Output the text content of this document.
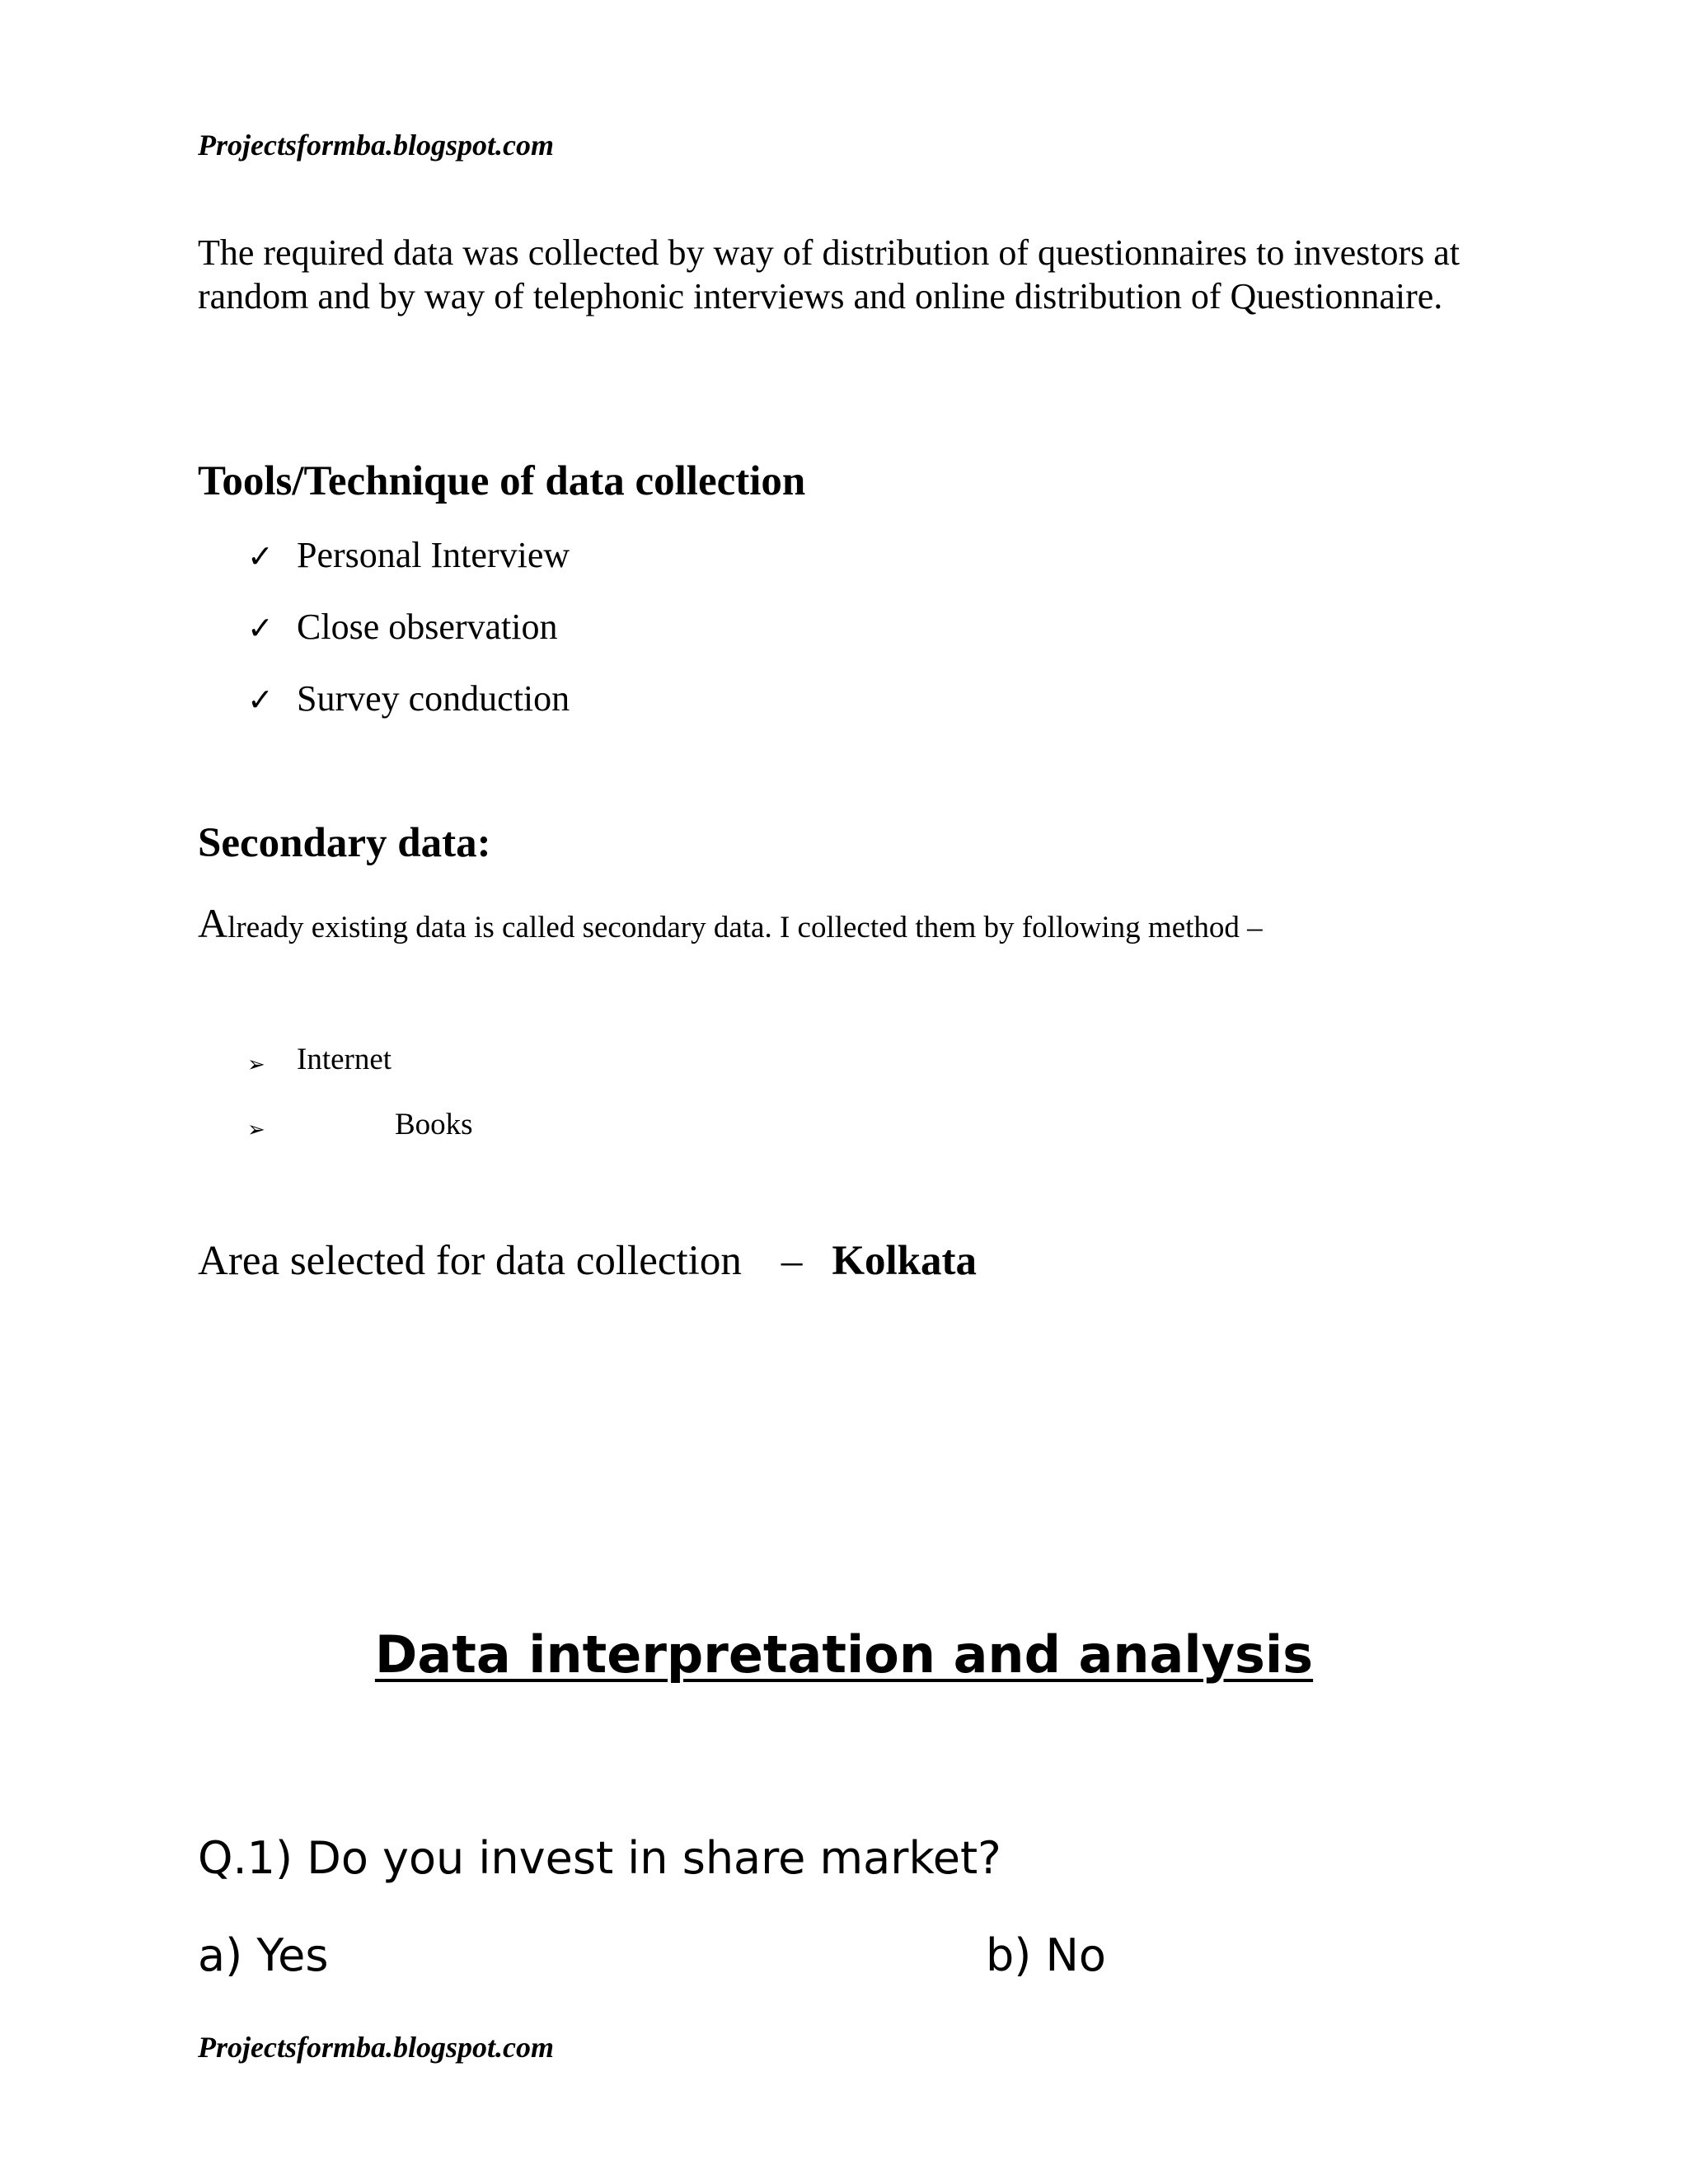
Projectsformba.blogspot.com

The required data was collected by way of distribution of questionnaires to investors at random and by way of telephonic interviews and online distribution of Questionnaire.

Tools/Technique of data collection
✓ Personal Interview
✓ Close observation
✓ Survey conduction
Secondary data:

Already existing data is called secondary data. I collected them by following method –

➢ Internet
➢	Books

Area selected for data collection – Kolkata

Data interpretation and analysis

Q.1) Do you invest in share market?

a) Yes	b) No

Projectsformba.blogspot.com
